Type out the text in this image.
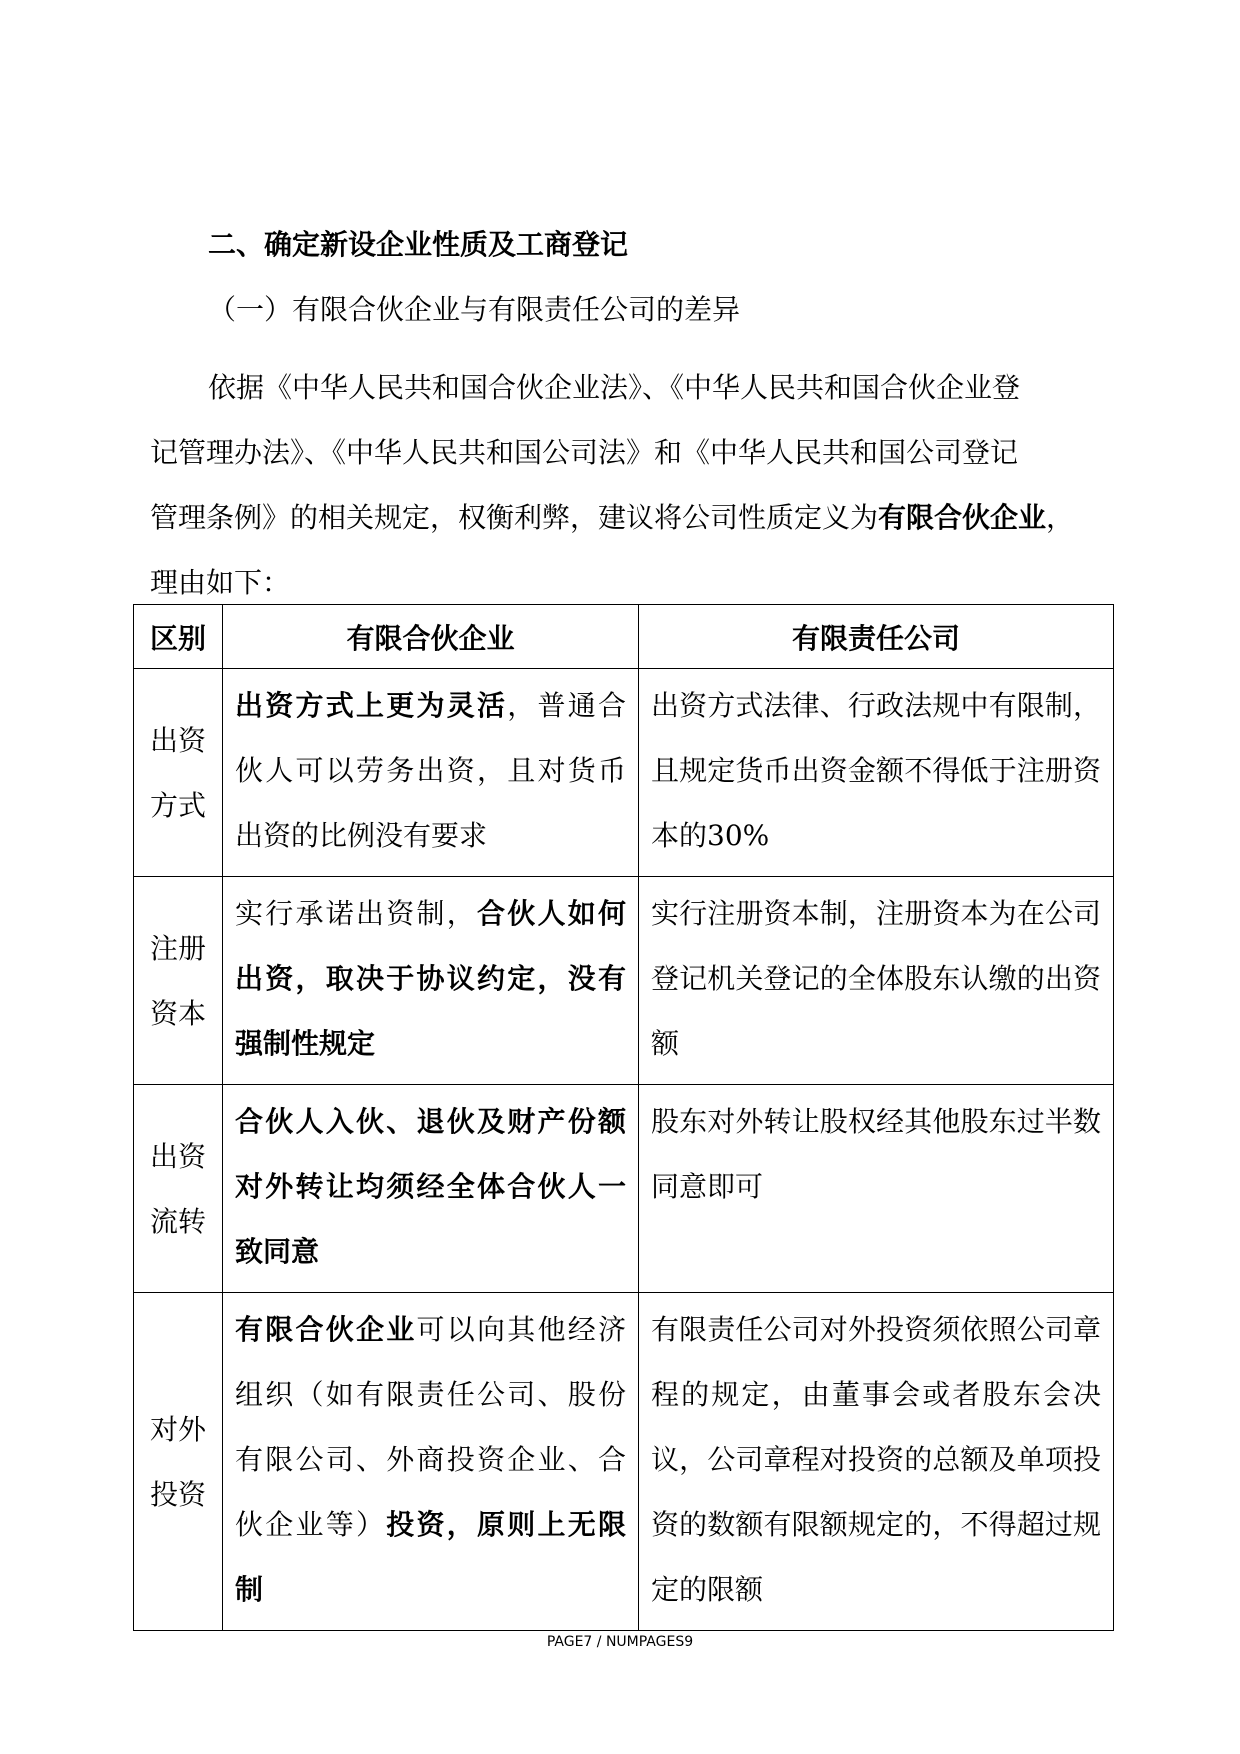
二、确定新设企业性质及工商登记
（一）有限合伙企业与有限责任公司的差异

依据《中华人民共和国合伙企业法》、《中华人民共和国合伙企业登

记管理办法》、《中华人民共和国公司法》和《中华人民共和国公司登记

管理条例》的相关规定，权衡利弊，建议将公司性质定义为有限合伙企业，

理由如下：

区别	有限合伙企业	有限责任公司

出资
方式	出资方式上更为灵活，普通合伙人可以劳务出资，且对货币出资的比例没有要求	出资方式法律、行政法规中有限制，且规定货币出资金额不得低于注册资本的30%

注册
资本	实行承诺出资制，合伙人如何出资，取决于协议约定，没有强制性规定	实行注册资本制，注册资本为在公司登记机关登记的全体股东认缴的出资额

出资
流转	合伙人入伙、退伙及财产份额对外转让均须经全体合伙人一致同意	股东对外转让股权经其他股东过半数同意即可

对外
投资	有限合伙企业可以向其他经济组织（如有限责任公司、股份有限公司、外商投资企业、合伙企业等）投资，原则上无限制	有限责任公司对外投资须依照公司章程的规定，由董事会或者股东会决议，公司章程对投资的总额及单项投资的数额有限额规定的，不得超过规定的限额
PAGE7 / NUMPAGES9
